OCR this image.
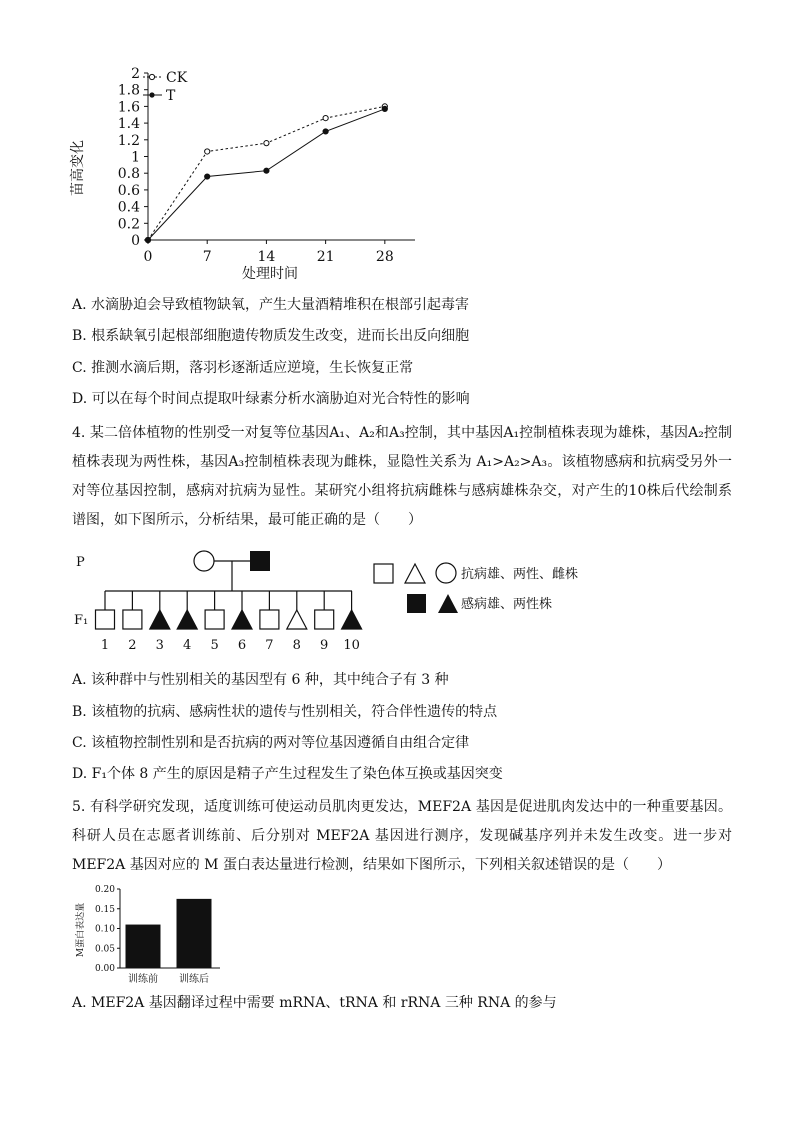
0
0.2
0.4
0.6
0.8
1
1.2
1.4
1.6
1.8
2
0	7	14	21	28
CK
T
苗高变化
处理时间
A. 水滴胁迫会导致植物缺氧，产生大量酒精堆积在根部引起毒害
B. 根系缺氧引起根部细胞遗传物质发生改变，进而长出反向细胞
C. 推测水滴后期，落羽杉逐渐适应逆境，生长恢复正常
D. 可以在每个时间点提取叶绿素分析水滴胁迫对光合特性的影响
4. 某二倍体植物的性别受一对复等位基因A₁、A₂和A₃控制，其中基因A₁控制植株表现为雄株，基因A₂控制植株表现为两性株，基因A₃控制植株表现为雌株，显隐性关系为 A₁>A₂>A₃。该植物感病和抗病受另外一对等位基因控制，感病对抗病为显性。某研究小组将抗病雌株与感病雄株杂交，对产生的10株后代绘制系谱图，如下图所示，分析结果，最可能正确的是（　　）
P
F₁
1 2 3 4 5 6 7 8 9 10
抗病雄、两性、雌株
感病雄、两性株
A. 该种群中与性别相关的基因型有 6 种，其中纯合子有 3 种
B. 该植物的抗病、感病性状的遗传与性别相关，符合伴性遗传的特点
C. 该植物控制性别和是否抗病的两对等位基因遵循自由组合定律
D. F₁个体 8 产生的原因是精子产生过程发生了染色体互换或基因突变
5. 有科学研究发现，适度训练可使运动员肌肉更发达，MEF2A 基因是促进肌肉发达中的一种重要基因。科研人员在志愿者训练前、后分别对 MEF2A 基因进行测序，发现碱基序列并未发生改变。进一步对 MEF2A 基因对应的 M 蛋白表达量进行检测，结果如下图所示，下列相关叙述错误的是（　　）
0.00
0.05
0.10
0.15
0.20
训练前 训练后
M蛋白表达量
A. MEF2A 基因翻译过程中需要 mRNA、tRNA 和 rRNA 三种 RNA 的参与
